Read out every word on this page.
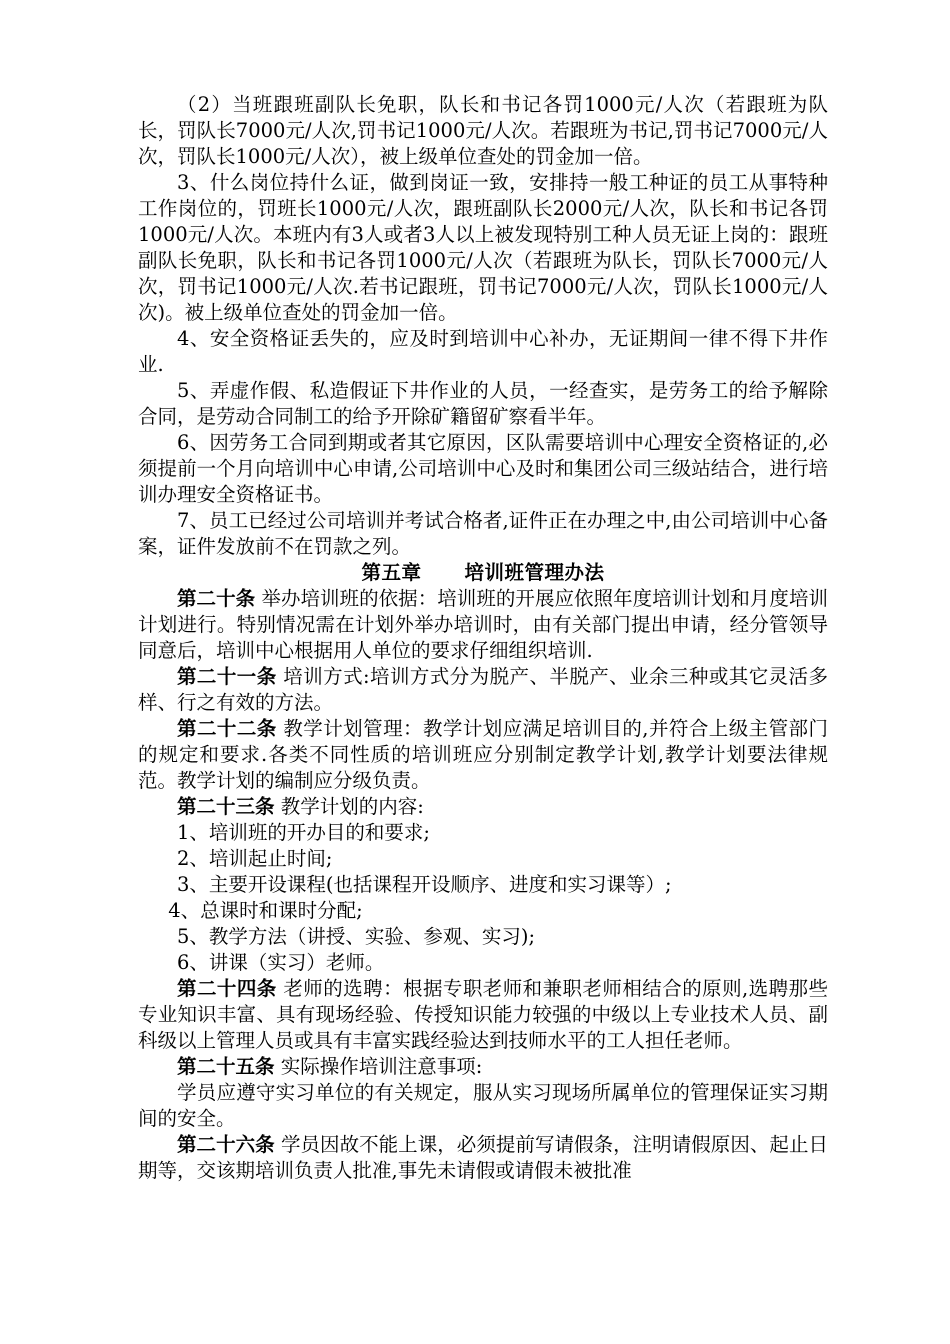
（2）当班跟班副队长免职，队长和书记各罚1000元/人次（若跟班为队长，罚队长7000元/人次,罚书记1000元/人次。若跟班为书记,罚书记7000元/人次，罚队长1000元/人次），被上级单位查处的罚金加一倍。

3、什么岗位持什么证，做到岗证一致，安排持一般工种证的员工从事特种工作岗位的，罚班长1000元/人次，跟班副队长2000元/人次，队长和书记各罚1000元/人次。本班内有3人或者3人以上被发现特别工种人员无证上岗的：跟班副队长免职，队长和书记各罚1000元/人次（若跟班为队长，罚队长7000元/人次，罚书记1000元/人次.若书记跟班，罚书记7000元/人次，罚队长1000元/人次)。被上级单位查处的罚金加一倍。

4、安全资格证丢失的，应及时到培训中心补办，无证期间一律不得下井作业.

5、弄虚作假、私造假证下井作业的人员，一经查实，是劳务工的给予解除合同，是劳动合同制工的给予开除矿籍留矿察看半年。

6、因劳务工合同到期或者其它原因，区队需要培训中心理安全资格证的,必须提前一个月向培训中心申请,公司培训中心及时和集团公司三级站结合，进行培训办理安全资格证书。

7、员工已经过公司培训并考试合格者,证件正在办理之中,由公司培训中心备案，证件发放前不在罚款之列。

第五章 培训班管理办法

第二十条 举办培训班的依据：培训班的开展应依照年度培训计划和月度培训计划进行。特别情况需在计划外举办培训时，由有关部门提出申请，经分管领导同意后，培训中心根据用人单位的要求仔细组织培训.

第二十一条 培训方式:培训方式分为脱产、半脱产、业余三种或其它灵活多样、行之有效的方法。

第二十二条 教学计划管理：教学计划应满足培训目的,并符合上级主管部门的规定和要求.各类不同性质的培训班应分别制定教学计划,教学计划要法律规范。教学计划的编制应分级负责。

第二十三条 教学计划的内容:

1、培训班的开办目的和要求;

2、培训起止时间;

3、主要开设课程(也括课程开设顺序、进度和实习课等）;

4、总课时和课时分配;

5、教学方法（讲授、实验、参观、实习);

6、讲课（实习）老师。

第二十四条 老师的选聘：根据专职老师和兼职老师相结合的原则,选聘那些专业知识丰富、具有现场经验、传授知识能力较强的中级以上专业技术人员、副科级以上管理人员或具有丰富实践经验达到技师水平的工人担任老师。

第二十五条 实际操作培训注意事项:

学员应遵守实习单位的有关规定，服从实习现场所属单位的管理保证实习期间的安全。

第二十六条 学员因故不能上课，必须提前写请假条，注明请假原因、起止日期等，交该期培训负责人批准,事先未请假或请假未被批准
